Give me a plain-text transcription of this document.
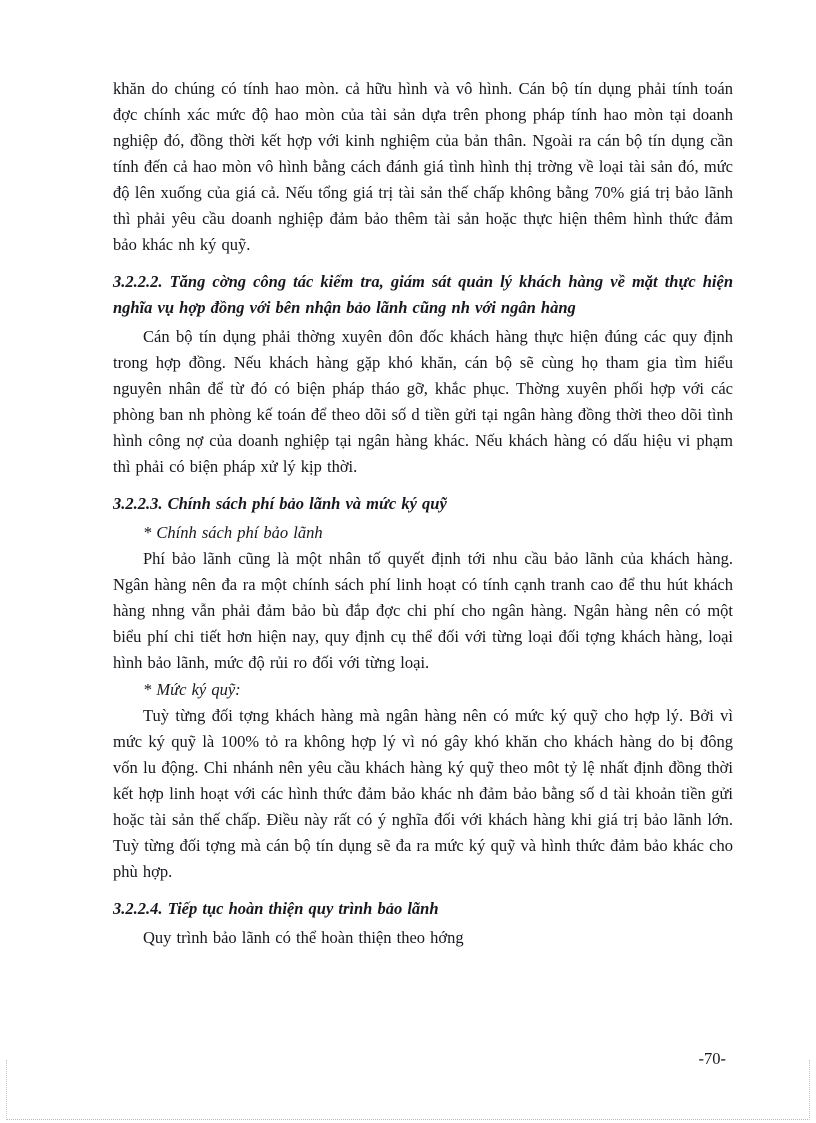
khăn do chúng có tính hao mòn. cả hữu hình và vô hình. Cán bộ tín dụng phải tính toán đợc chính xác mức độ hao mòn của tài sản dựa trên phong pháp tính hao mòn tại doanh nghiệp đó, đồng thời kết hợp với kinh nghiệm của bản thân. Ngoài ra cán bộ tín dụng cần tính đến cả hao mòn vô hình bằng cách đánh giá tình hình thị trờng về loại tài sản đó, mức độ lên xuống của giá cả. Nếu tổng giá trị tài sản thế chấp không bằng 70% giá trị bảo lãnh thì phải yêu cầu doanh nghiệp đảm bảo thêm tài sản hoặc thực hiện thêm hình thức đảm bảo khác nh ký quỹ.

3.2.2.2. Tăng cờng công tác kiểm tra, giám sát quản lý khách hàng về mặt thực hiện nghĩa vụ hợp đồng với bên nhận bảo lãnh cũng nh với ngân hàng

Cán bộ tín dụng phải thờng xuyên đôn đốc khách hàng thực hiện đúng các quy định trong hợp đồng. Nếu khách hàng gặp khó khăn, cán bộ sẽ cùng họ tham gia tìm hiểu nguyên nhân để từ đó có biện pháp tháo gỡ, khắc phục. Thờng xuyên phối hợp với các phòng ban nh phòng kế toán để theo dõi số d tiền gửi tại ngân hàng đồng thời theo dõi tình hình công nợ của doanh nghiệp tại ngân hàng khác. Nếu khách hàng có dấu hiệu vi phạm thì phải có biện pháp xử lý kịp thời.

3.2.2.3. Chính sách phí bảo lãnh và mức ký quỹ

* Chính sách phí bảo lãnh

Phí bảo lãnh cũng là một nhân tố quyết định tới nhu cầu bảo lãnh của khách hàng. Ngân hàng nên đa ra một chính sách phí linh hoạt có tính cạnh tranh cao để thu hút khách hàng nhng vẫn phải đảm bảo bù đắp đợc chi phí cho ngân hàng. Ngân hàng nên có một biểu phí chi tiết hơn hiện nay, quy định cụ thể đối với từng loại đối tợng khách hàng, loại hình bảo lãnh, mức độ rủi ro đối với từng loại.

* Mức ký quỹ:

Tuỳ từng đối tợng khách hàng mà ngân hàng nên có mức ký quỹ cho hợp lý. Bởi vì mức ký quỹ là 100% tỏ ra không hợp lý vì nó gây khó khăn cho khách hàng do bị đông vốn lu động. Chi nhánh nên yêu cầu khách hàng ký quỹ theo môt tỷ lệ nhất định đồng thời kết hợp linh hoạt với các hình thức đảm bảo khác nh đảm bảo bằng số d tài khoản tiền gửi hoặc tài sản thế chấp. Điều này rất có ý nghĩa đối với khách hàng khi giá trị bảo lãnh lớn. Tuỳ từng đối tợng mà cán bộ tín dụng sẽ đa ra mức ký quỹ và hình thức đảm bảo khác cho phù hợp.

3.2.2.4. Tiếp tục hoàn thiện quy trình bảo lãnh

Quy trình bảo lãnh có thể hoàn thiện theo hớng

-70-
